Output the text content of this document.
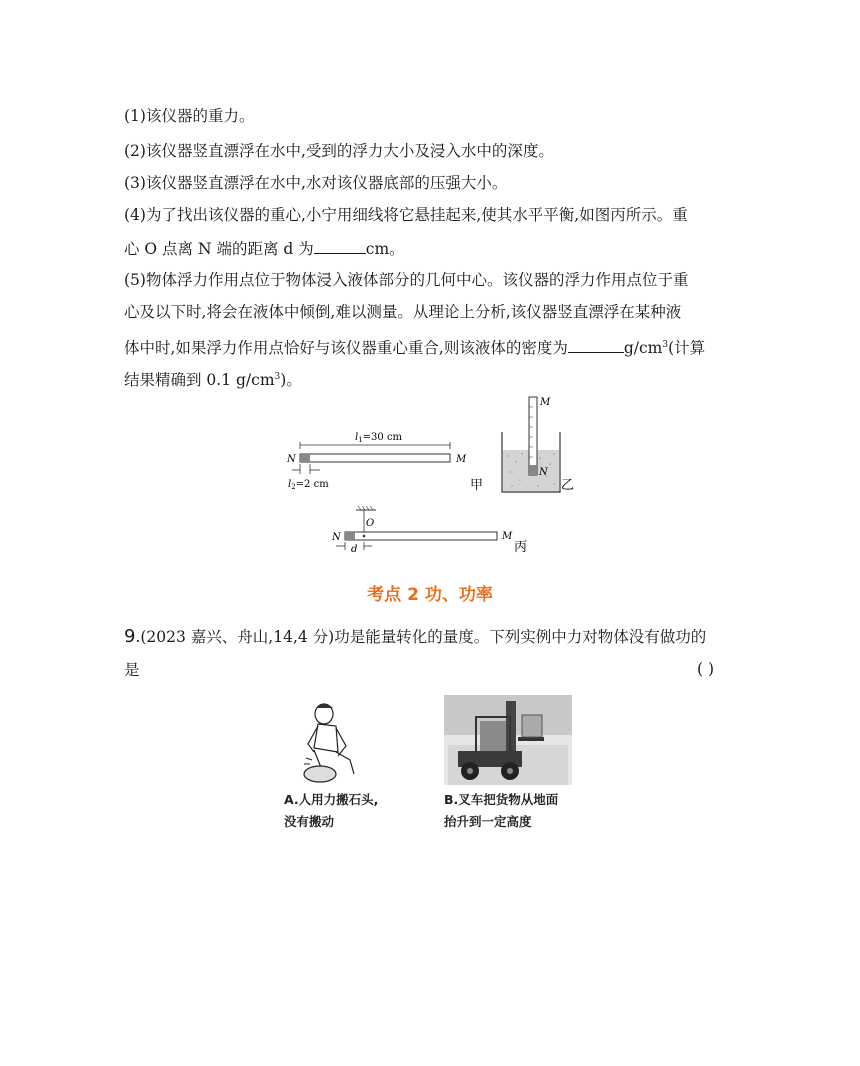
(1)该仪器的重力。
(2)该仪器竖直漂浮在水中,受到的浮力大小及浸入水中的深度。
(3)该仪器竖直漂浮在水中,水对该仪器底部的压强大小。
(4)为了找出该仪器的重心,小宁用细线将它悬挂起来,使其水平平衡,如图丙所示。重
心 O 点离 N 端的距离 d 为	cm。
(5)物体浮力作用点位于物体浸入液体部分的几何中心。该仪器的浮力作用点位于重
心及以下时,将会在液体中倾倒,难以测量。从理论上分析,该仪器竖直漂浮在某种液
体中时,如果浮力作用点恰好与该仪器重心重合,则该液体的密度为	$g/cm^3$(计算
结果精确到 0.1 $g/cm^3$)。
N	M
$l_1=30$ cm
$l_2=2$ cm	甲
M
N
乙
O
N	M
d	丙
考点 2 功、功率
9.(2023 嘉兴、舟山,14,4 分)功是能量转化的量度。下列实例中力对物体没有做功的
是	( )
A.人用力搬石头,
没有搬动
B.叉车把货物从地面
抬升到一定高度
